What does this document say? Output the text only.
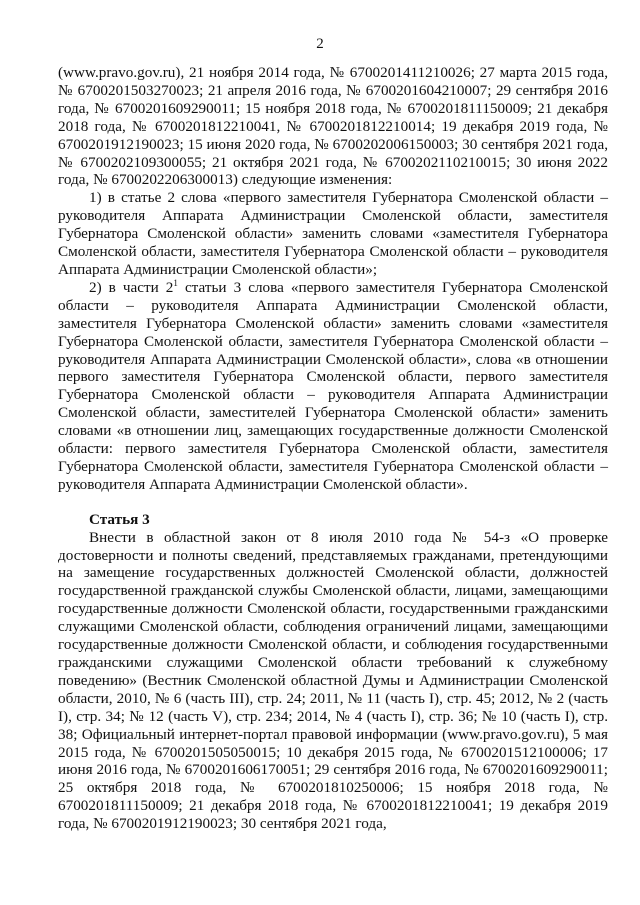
2

(www.pravo.gov.ru), 21 ноября 2014 года, № 6700201411210026; 27 марта 2015 года, № 6700201503270023; 21 апреля 2016 года, № 6700201604210007; 29 сентября 2016 года, № 6700201609290011; 15 ноября 2018 года, № 6700201811150009; 21 декабря 2018 года, № 6700201812210041, № 6700201812210014; 19 декабря 2019 года, № 6700201912190023; 15 июня 2020 года, № 6700202006150003; 30 сентября 2021 года, № 6700202109300055; 21 октября 2021 года, № 6700202110210015; 30 июня 2022 года, № 6700202206300013) следующие изменения:

1) в статье 2 слова «первого заместителя Губернатора Смоленской области – руководителя Аппарата Администрации Смоленской области, заместителя Губернатора Смоленской области» заменить словами «заместителя Губернатора Смоленской области, заместителя Губернатора Смоленской области – руководителя Аппарата Администрации Смоленской области»;

2) в части $2^1$ статьи 3 слова «первого заместителя Губернатора Смоленской области – руководителя Аппарата Администрации Смоленской области, заместителя Губернатора Смоленской области» заменить словами «заместителя Губернатора Смоленской области, заместителя Губернатора Смоленской области – руководителя Аппарата Администрации Смоленской области», слова «в отношении первого заместителя Губернатора Смоленской области, первого заместителя Губернатора Смоленской области – руководителя Аппарата Администрации Смоленской области, заместителей Губернатора Смоленской области» заменить словами «в отношении лиц, замещающих государственные должности Смоленской области: первого заместителя Губернатора Смоленской области, заместителя Губернатора Смоленской области, заместителя Губернатора Смоленской области – руководителя Аппарата Администрации Смоленской области».

Статья 3

Внести в областной закон от 8 июля 2010 года № 54-з «О проверке достоверности и полноты сведений, представляемых гражданами, претендующими на замещение государственных должностей Смоленской области, должностей государственной гражданской службы Смоленской области, лицами, замещающими государственные должности Смоленской области, государственными гражданскими служащими Смоленской области, соблюдения ограничений лицами, замещающими государственные должности Смоленской области, и соблюдения государственными гражданскими служащими Смоленской области требований к служебному поведению» (Вестник Смоленской областной Думы и Администрации Смоленской области, 2010, № 6 (часть III), стр. 24; 2011, № 11 (часть I), стр. 45; 2012, № 2 (часть I), стр. 34; № 12 (часть V), стр. 234; 2014, № 4 (часть I), стр. 36; № 10 (часть I), стр. 38; Официальный интернет-портал правовой информации (www.pravo.gov.ru), 5 мая 2015 года, № 6700201505050015; 10 декабря 2015 года, № 6700201512100006; 17 июня 2016 года, № 6700201606170051; 29 сентября 2016 года, № 6700201609290011; 25 октября 2018 года, № 6700201810250006; 15 ноября 2018 года, № 6700201811150009; 21 декабря 2018 года, № 6700201812210041; 19 декабря 2019 года, № 6700201912190023; 30 сентября 2021 года,
